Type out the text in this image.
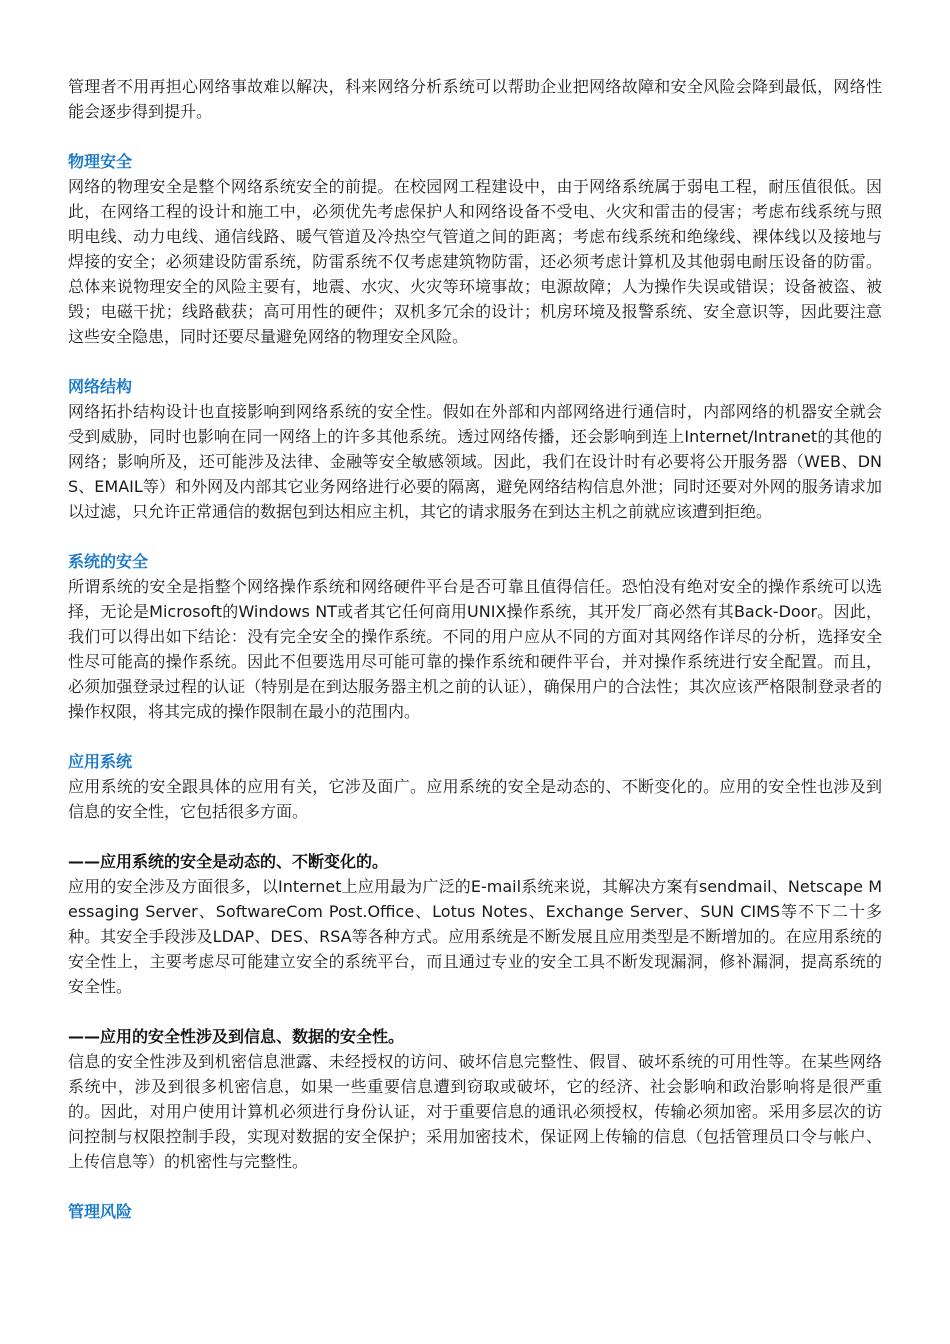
管理者不用再担心网络事故难以解决，科来网络分析系统可以帮助企业把网络故障和安全风险会降到最低，网络性能会逐步得到提升。

物理安全

网络的物理安全是整个网络系统安全的前提。在校园网工程建设中，由于网络系统属于弱电工程，耐压值很低。因此，在网络工程的设计和施工中，必须优先考虑保护人和网络设备不受电、火灾和雷击的侵害；考虑布线系统与照明电线、动力电线、通信线路、暖气管道及冷热空气管道之间的距离；考虑布线系统和绝缘线、裸体线以及接地与焊接的安全；必须建设防雷系统，防雷系统不仅考虑建筑物防雷，还必须考虑计算机及其他弱电耐压设备的防雷。总体来说物理安全的风险主要有，地震、水灾、火灾等环境事故；电源故障；人为操作失误或错误；设备被盗、被毁；电磁干扰；线路截获；高可用性的硬件；双机多冗余的设计；机房环境及报警系统、安全意识等，因此要注意这些安全隐患，同时还要尽量避免网络的物理安全风险。

网络结构

网络拓扑结构设计也直接影响到网络系统的安全性。假如在外部和内部网络进行通信时，内部网络的机器安全就会受到威胁，同时也影响在同一网络上的许多其他系统。透过网络传播，还会影响到连上Internet/Intranet的其他的网络；影响所及，还可能涉及法律、金融等安全敏感领域。因此，我们在设计时有必要将公开服务器（WEB、DNS、EMAIL等）和外网及内部其它业务网络进行必要的隔离，避免网络结构信息外泄；同时还要对外网的服务请求加以过滤，只允许正常通信的数据包到达相应主机，其它的请求服务在到达主机之前就应该遭到拒绝。

系统的安全

所谓系统的安全是指整个网络操作系统和网络硬件平台是否可靠且值得信任。恐怕没有绝对安全的操作系统可以选择，无论是Microsoft的Windows NT或者其它任何商用UNIX操作系统，其开发厂商必然有其Back-Door。因此，我们可以得出如下结论：没有完全安全的操作系统。不同的用户应从不同的方面对其网络作详尽的分析，选择安全性尽可能高的操作系统。因此不但要选用尽可能可靠的操作系统和硬件平台，并对操作系统进行安全配置。而且，必须加强登录过程的认证（特别是在到达服务器主机之前的认证），确保用户的合法性；其次应该严格限制登录者的操作权限，将其完成的操作限制在最小的范围内。

应用系统

应用系统的安全跟具体的应用有关，它涉及面广。应用系统的安全是动态的、不断变化的。应用的安全性也涉及到信息的安全性，它包括很多方面。

——应用系统的安全是动态的、不断变化的。

应用的安全涉及方面很多，以Internet上应用最为广泛的E-mail系统来说，其解决方案有sendmail、Netscape Messaging Server、SoftwareCom Post.Office、Lotus Notes、Exchange Server、SUN CIMS等不下二十多种。其安全手段涉及LDAP、DES、RSA等各种方式。应用系统是不断发展且应用类型是不断增加的。在应用系统的安全性上，主要考虑尽可能建立安全的系统平台，而且通过专业的安全工具不断发现漏洞，修补漏洞，提高系统的安全性。

——应用的安全性涉及到信息、数据的安全性。

信息的安全性涉及到机密信息泄露、未经授权的访问、破坏信息完整性、假冒、破坏系统的可用性等。在某些网络系统中，涉及到很多机密信息，如果一些重要信息遭到窃取或破坏，它的经济、社会影响和政治影响将是很严重的。因此，对用户使用计算机必须进行身份认证，对于重要信息的通讯必须授权，传输必须加密。采用多层次的访问控制与权限控制手段，实现对数据的安全保护；采用加密技术，保证网上传输的信息（包括管理员口令与帐户、上传信息等）的机密性与完整性。

管理风险
